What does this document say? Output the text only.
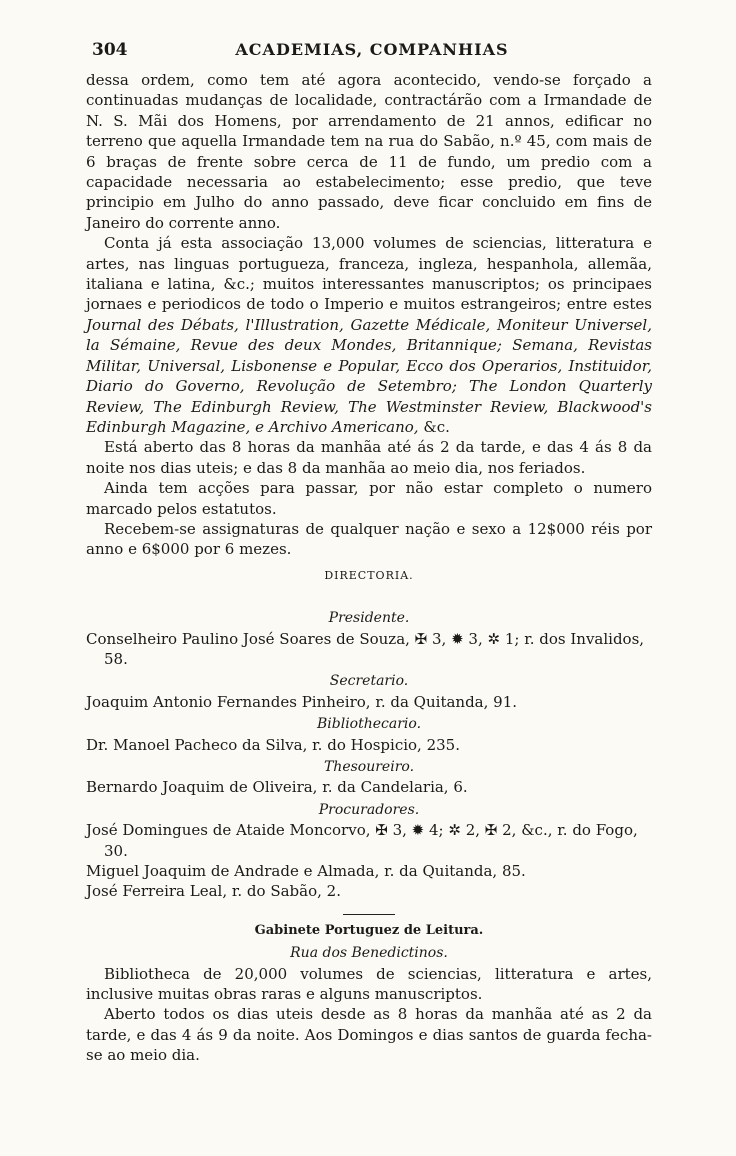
304	ACADEMIAS, COMPANHIAS

dessa ordem, como tem até agora acontecido, vendo-se forçado a continuadas mudanças de localidade, contractárão com a Irmandade de N. S. Mãi dos Homens, por arrendamento de 21 annos, edificar no terreno que aquella Irmandade tem na rua do Sabão, n.º 45, com mais de 6 braças de frente sobre cerca de 11 de fundo, um predio com a capacidade necessaria ao estabelecimento; esse predio, que teve principio em Julho do anno passado, deve ficar concluido em fins de Janeiro do corrente anno.

Conta já esta associação 13,000 volumes de sciencias, litteratura e artes, nas linguas portugueza, franceza, ingleza, hespanhola, allemãa, italiana e latina, &c.; muitos interessantes manuscriptos; os principaes jornaes e periodicos de todo o Imperio e muitos estrangeiros; entre estes Journal des Débats, l'Illustration, Gazette Médicale, Moniteur Universel, la Sémaine, Revue des deux Mondes, Britannique; Semana, Revistas Militar, Universal, Lisbonense e Popular, Ecco dos Operarios, Instituidor, Diario do Governo, Revolução de Setembro; The London Quarterly Review, The Edinburgh Review, The Westminster Review, Blackwood's Edinburgh Magazine, e Archivo Americano, &c.

Está aberto das 8 horas da manhãa até ás 2 da tarde, e das 4 ás 8 da noite nos dias uteis; e das 8 da manhãa ao meio dia, nos feriados.

Ainda tem acções para passar, por não estar completo o numero marcado pelos estatutos.

Recebem-se assignaturas de qualquer nação e sexo a 12$000 réis por anno e 6$000 por 6 mezes.

DIRECTORIA.

Presidente.

Conselheiro Paulino José Soares de Souza, ✠ 3, ✹ 3, ✲ 1; r. dos Invalidos, 58.

Secretario.

Joaquim Antonio Fernandes Pinheiro, r. da Quitanda, 91.

Bibliothecario.

Dr. Manoel Pacheco da Silva, r. do Hospicio, 235.

Thesoureiro.

Bernardo Joaquim de Oliveira, r. da Candelaria, 6.

Procuradores.

José Domingues de Ataide Moncorvo, ✠ 3, ✹ 4; ✲ 2, ✠ 2, &c., r. do Fogo, 30.

Miguel Joaquim de Andrade e Almada, r. da Quitanda, 85.

José Ferreira Leal, r. do Sabão, 2.

Gabinete Portuguez de Leitura.

Rua dos Benedictinos.

Bibliotheca de 20,000 volumes de sciencias, litteratura e artes, inclusive muitas obras raras e alguns manuscriptos.

Aberto todos os dias uteis desde as 8 horas da manhãa até as 2 da tarde, e das 4 ás 9 da noite. Aos Domingos e dias santos de guarda fecha-se ao meio dia.
